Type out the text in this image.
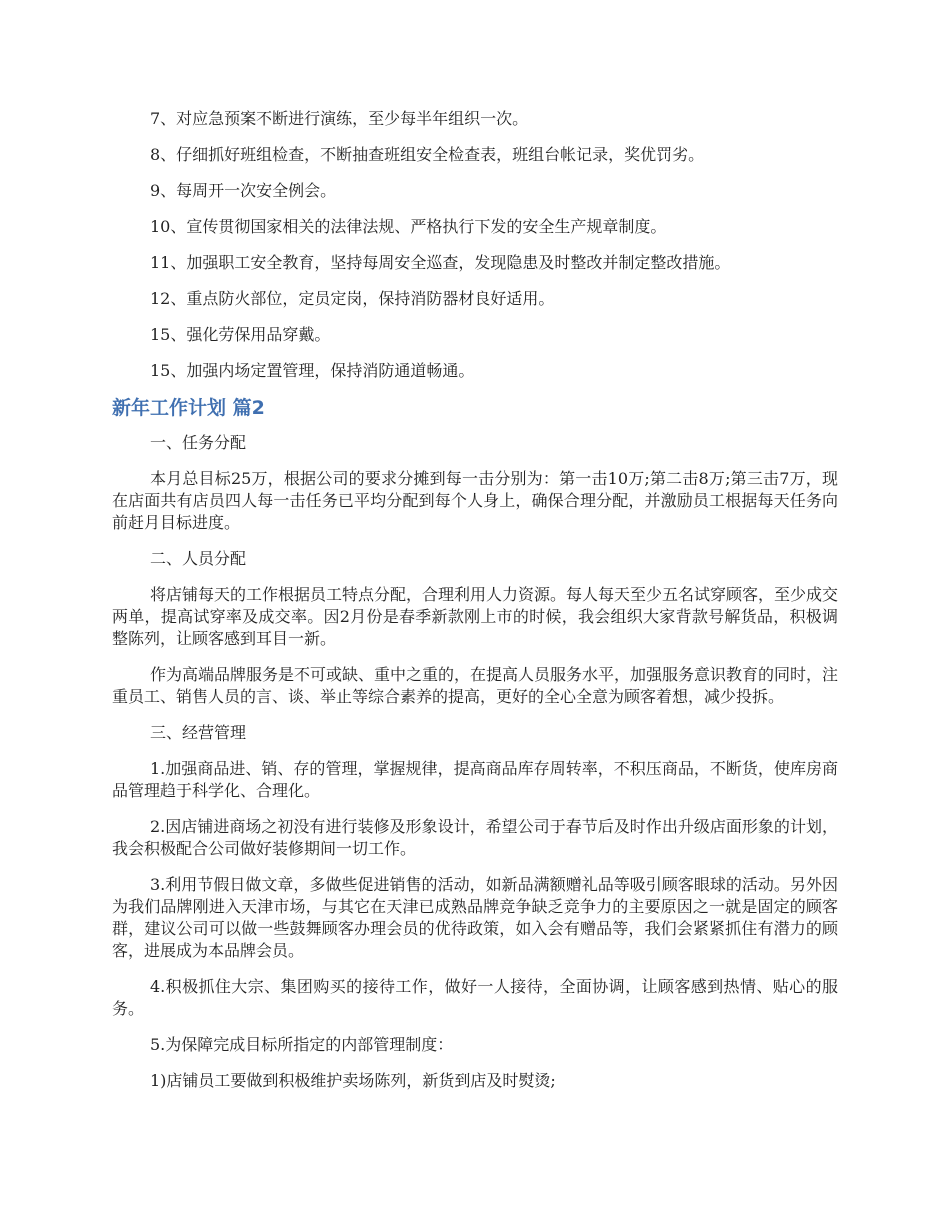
7、对应急预案不断进行演练，至少每半年组织一次。

8、仔细抓好班组检查，不断抽查班组安全检查表，班组台帐记录，奖优罚劣。

9、每周开一次安全例会。

10、宣传贯彻国家相关的法律法规、严格执行下发的安全生产规章制度。

11、加强职工安全教育，坚持每周安全巡查，发现隐患及时整改并制定整改措施。

12、重点防火部位，定员定岗，保持消防器材良好适用。

15、强化劳保用品穿戴。

15、加强内场定置管理，保持消防通道畅通。

新年工作计划 篇2

一、任务分配

本月总目标25万，根据公司的要求分摊到每一击分别为：第一击10万;第二击8万;第三击7万，现在店面共有店员四人每一击任务已平均分配到每个人身上，确保合理分配，并激励员工根据每天任务向前赶月目标进度。

二、人员分配

将店铺每天的工作根据员工特点分配，合理利用人力资源。每人每天至少五名试穿顾客，至少成交两单，提高试穿率及成交率。因2月份是春季新款刚上市的时候，我会组织大家背款号解货品，积极调整陈列，让顾客感到耳目一新。

作为高端品牌服务是不可或缺、重中之重的，在提高人员服务水平，加强服务意识教育的同时，注重员工、销售人员的言、谈、举止等综合素养的提高，更好的全心全意为顾客着想，减少投拆。

三、经营管理

1.加强商品进、销、存的管理，掌握规律，提高商品库存周转率，不积压商品，不断货，使库房商品管理趋于科学化、合理化。

2.因店铺进商场之初没有进行装修及形象设计，希望公司于春节后及时作出升级店面形象的计划，我会积极配合公司做好装修期间一切工作。

3.利用节假日做文章，多做些促进销售的活动，如新品满额赠礼品等吸引顾客眼球的活动。另外因为我们品牌刚进入天津市场，与其它在天津已成熟品牌竞争缺乏竞争力的主要原因之一就是固定的顾客群，建议公司可以做一些鼓舞顾客办理会员的优待政策，如入会有赠品等，我们会紧紧抓住有潜力的顾客，进展成为本品牌会员。

4.积极抓住大宗、集团购买的接待工作，做好一人接待，全面协调，让顾客感到热情、贴心的服务。

5.为保障完成目标所指定的内部管理制度：

1)店铺员工要做到积极维护卖场陈列，新货到店及时熨烫;
